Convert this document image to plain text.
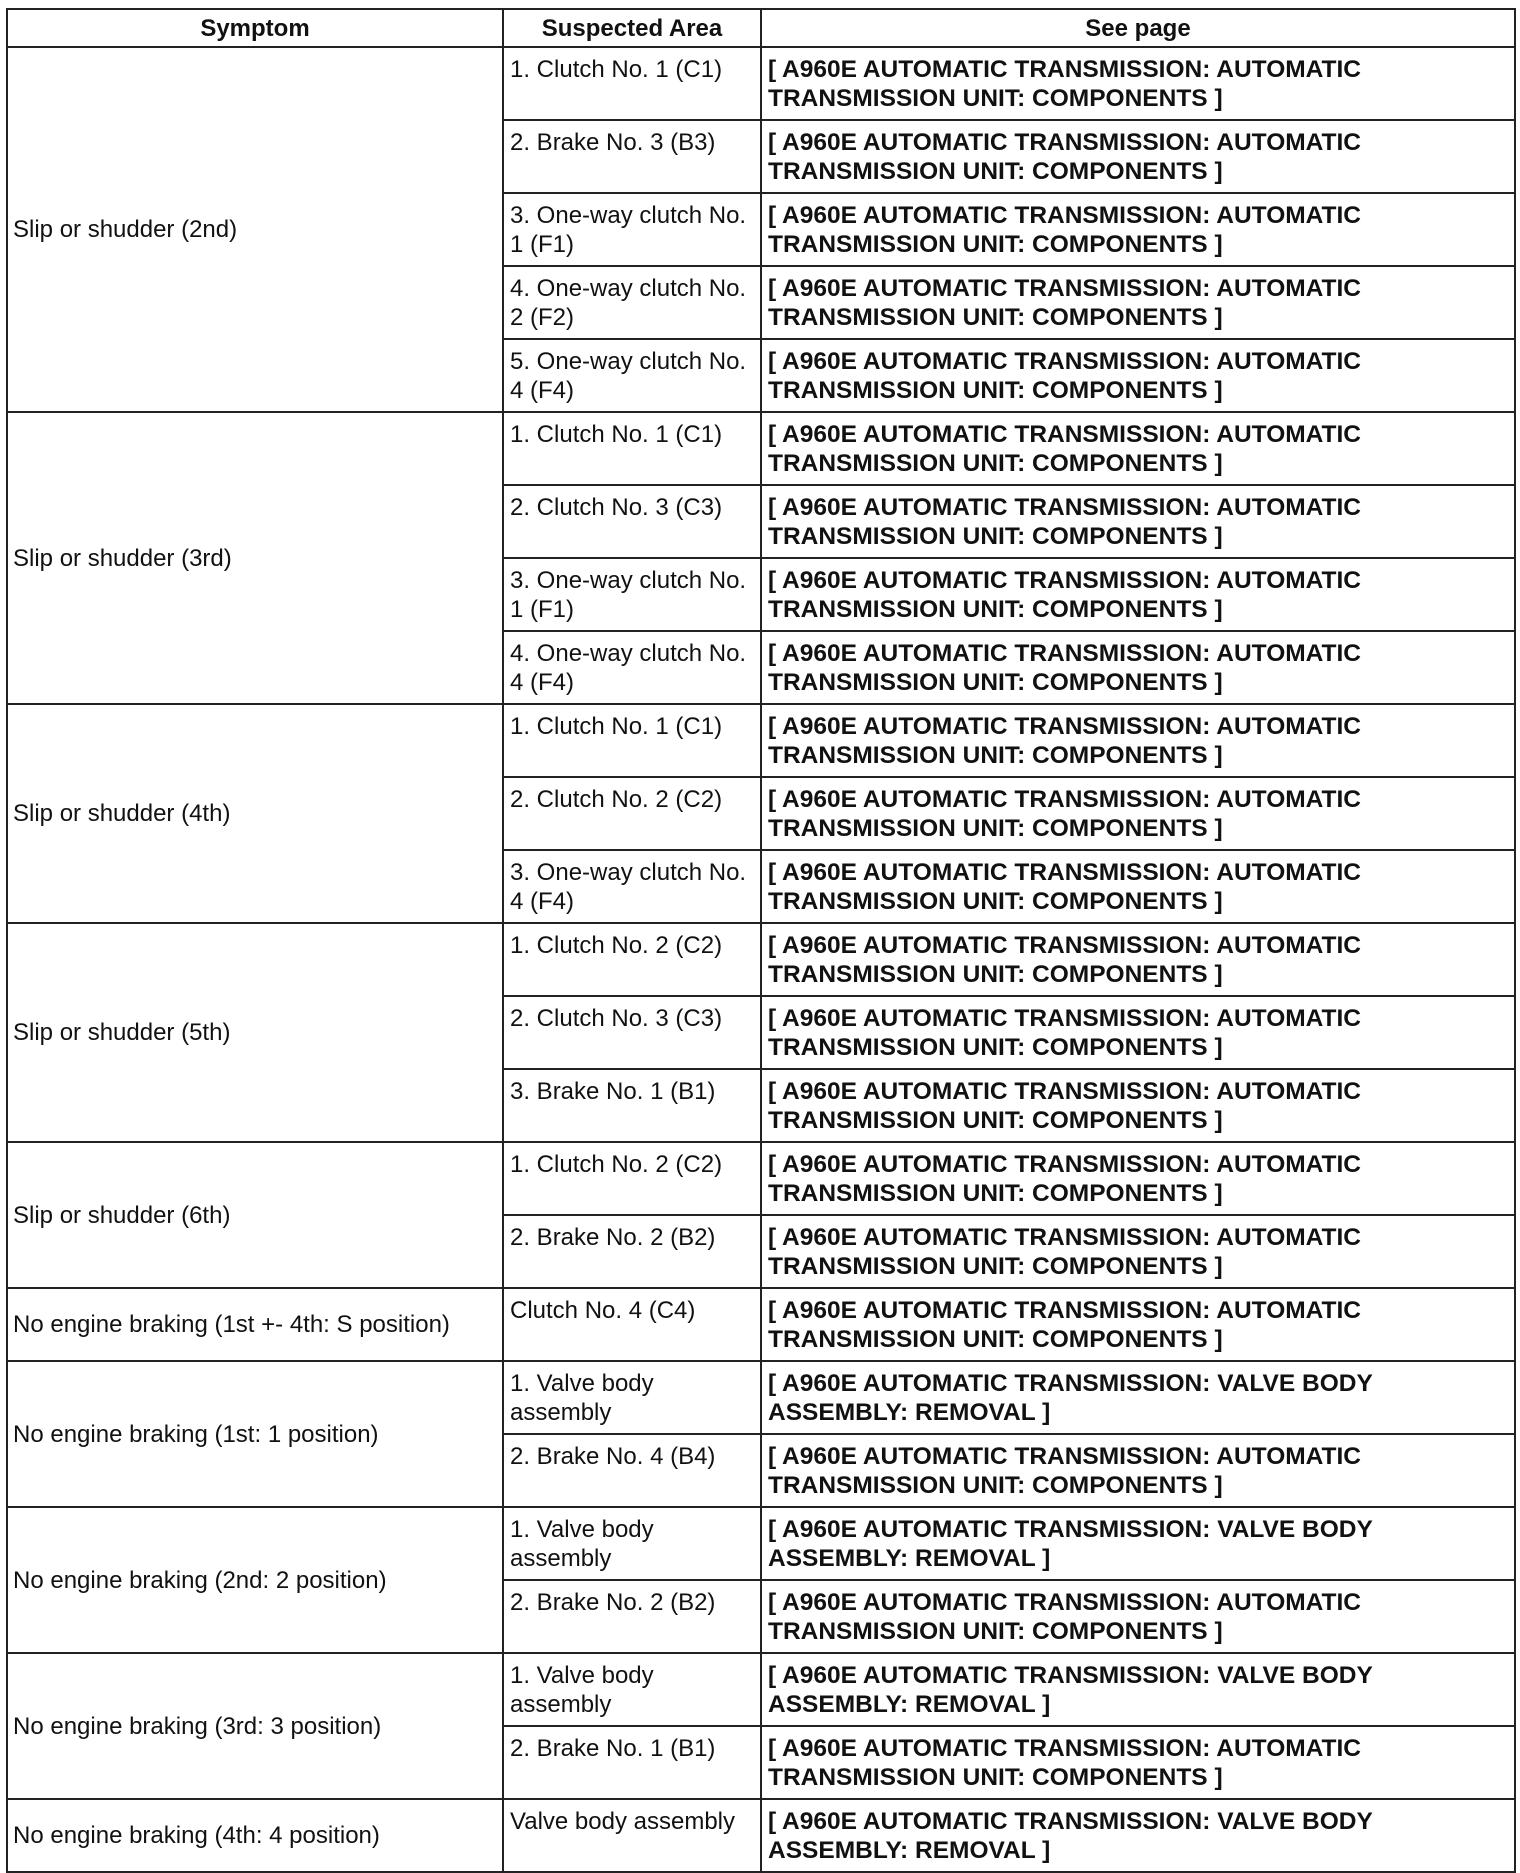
Symptom	Suspected Area	See page
Slip or shudder (2nd)	1. Clutch No. 1 (C1)	[ A960E AUTOMATIC TRANSMISSION: AUTOMATIC TRANSMISSION UNIT: COMPONENTS ]
	2. Brake No. 3 (B3)	[ A960E AUTOMATIC TRANSMISSION: AUTOMATIC TRANSMISSION UNIT: COMPONENTS ]
	3. One-way clutch No. 1 (F1)	[ A960E AUTOMATIC TRANSMISSION: AUTOMATIC TRANSMISSION UNIT: COMPONENTS ]
	4. One-way clutch No. 2 (F2)	[ A960E AUTOMATIC TRANSMISSION: AUTOMATIC TRANSMISSION UNIT: COMPONENTS ]
	5. One-way clutch No. 4 (F4)	[ A960E AUTOMATIC TRANSMISSION: AUTOMATIC TRANSMISSION UNIT: COMPONENTS ]
Slip or shudder (3rd)	1. Clutch No. 1 (C1)	[ A960E AUTOMATIC TRANSMISSION: AUTOMATIC TRANSMISSION UNIT: COMPONENTS ]
	2. Clutch No. 3 (C3)	[ A960E AUTOMATIC TRANSMISSION: AUTOMATIC TRANSMISSION UNIT: COMPONENTS ]
	3. One-way clutch No. 1 (F1)	[ A960E AUTOMATIC TRANSMISSION: AUTOMATIC TRANSMISSION UNIT: COMPONENTS ]
	4. One-way clutch No. 4 (F4)	[ A960E AUTOMATIC TRANSMISSION: AUTOMATIC TRANSMISSION UNIT: COMPONENTS ]
Slip or shudder (4th)	1. Clutch No. 1 (C1)	[ A960E AUTOMATIC TRANSMISSION: AUTOMATIC TRANSMISSION UNIT: COMPONENTS ]
	2. Clutch No. 2 (C2)	[ A960E AUTOMATIC TRANSMISSION: AUTOMATIC TRANSMISSION UNIT: COMPONENTS ]
	3. One-way clutch No. 4 (F4)	[ A960E AUTOMATIC TRANSMISSION: AUTOMATIC TRANSMISSION UNIT: COMPONENTS ]
Slip or shudder (5th)	1. Clutch No. 2 (C2)	[ A960E AUTOMATIC TRANSMISSION: AUTOMATIC TRANSMISSION UNIT: COMPONENTS ]
	2. Clutch No. 3 (C3)	[ A960E AUTOMATIC TRANSMISSION: AUTOMATIC TRANSMISSION UNIT: COMPONENTS ]
	3. Brake No. 1 (B1)	[ A960E AUTOMATIC TRANSMISSION: AUTOMATIC TRANSMISSION UNIT: COMPONENTS ]
Slip or shudder (6th)	1. Clutch No. 2 (C2)	[ A960E AUTOMATIC TRANSMISSION: AUTOMATIC TRANSMISSION UNIT: COMPONENTS ]
	2. Brake No. 2 (B2)	[ A960E AUTOMATIC TRANSMISSION: AUTOMATIC TRANSMISSION UNIT: COMPONENTS ]
No engine braking (1st +- 4th: S position)	Clutch No. 4 (C4)	[ A960E AUTOMATIC TRANSMISSION: AUTOMATIC TRANSMISSION UNIT: COMPONENTS ]
No engine braking (1st: 1 position)	1. Valve body assembly	[ A960E AUTOMATIC TRANSMISSION: VALVE BODY ASSEMBLY: REMOVAL ]
	2. Brake No. 4 (B4)	[ A960E AUTOMATIC TRANSMISSION: AUTOMATIC TRANSMISSION UNIT: COMPONENTS ]
No engine braking (2nd: 2 position)	1. Valve body assembly	[ A960E AUTOMATIC TRANSMISSION: VALVE BODY ASSEMBLY: REMOVAL ]
	2. Brake No. 2 (B2)	[ A960E AUTOMATIC TRANSMISSION: AUTOMATIC TRANSMISSION UNIT: COMPONENTS ]
No engine braking (3rd: 3 position)	1. Valve body assembly	[ A960E AUTOMATIC TRANSMISSION: VALVE BODY ASSEMBLY: REMOVAL ]
	2. Brake No. 1 (B1)	[ A960E AUTOMATIC TRANSMISSION: AUTOMATIC TRANSMISSION UNIT: COMPONENTS ]
No engine braking (4th: 4 position)	Valve body assembly	[ A960E AUTOMATIC TRANSMISSION: VALVE BODY ASSEMBLY: REMOVAL ]
